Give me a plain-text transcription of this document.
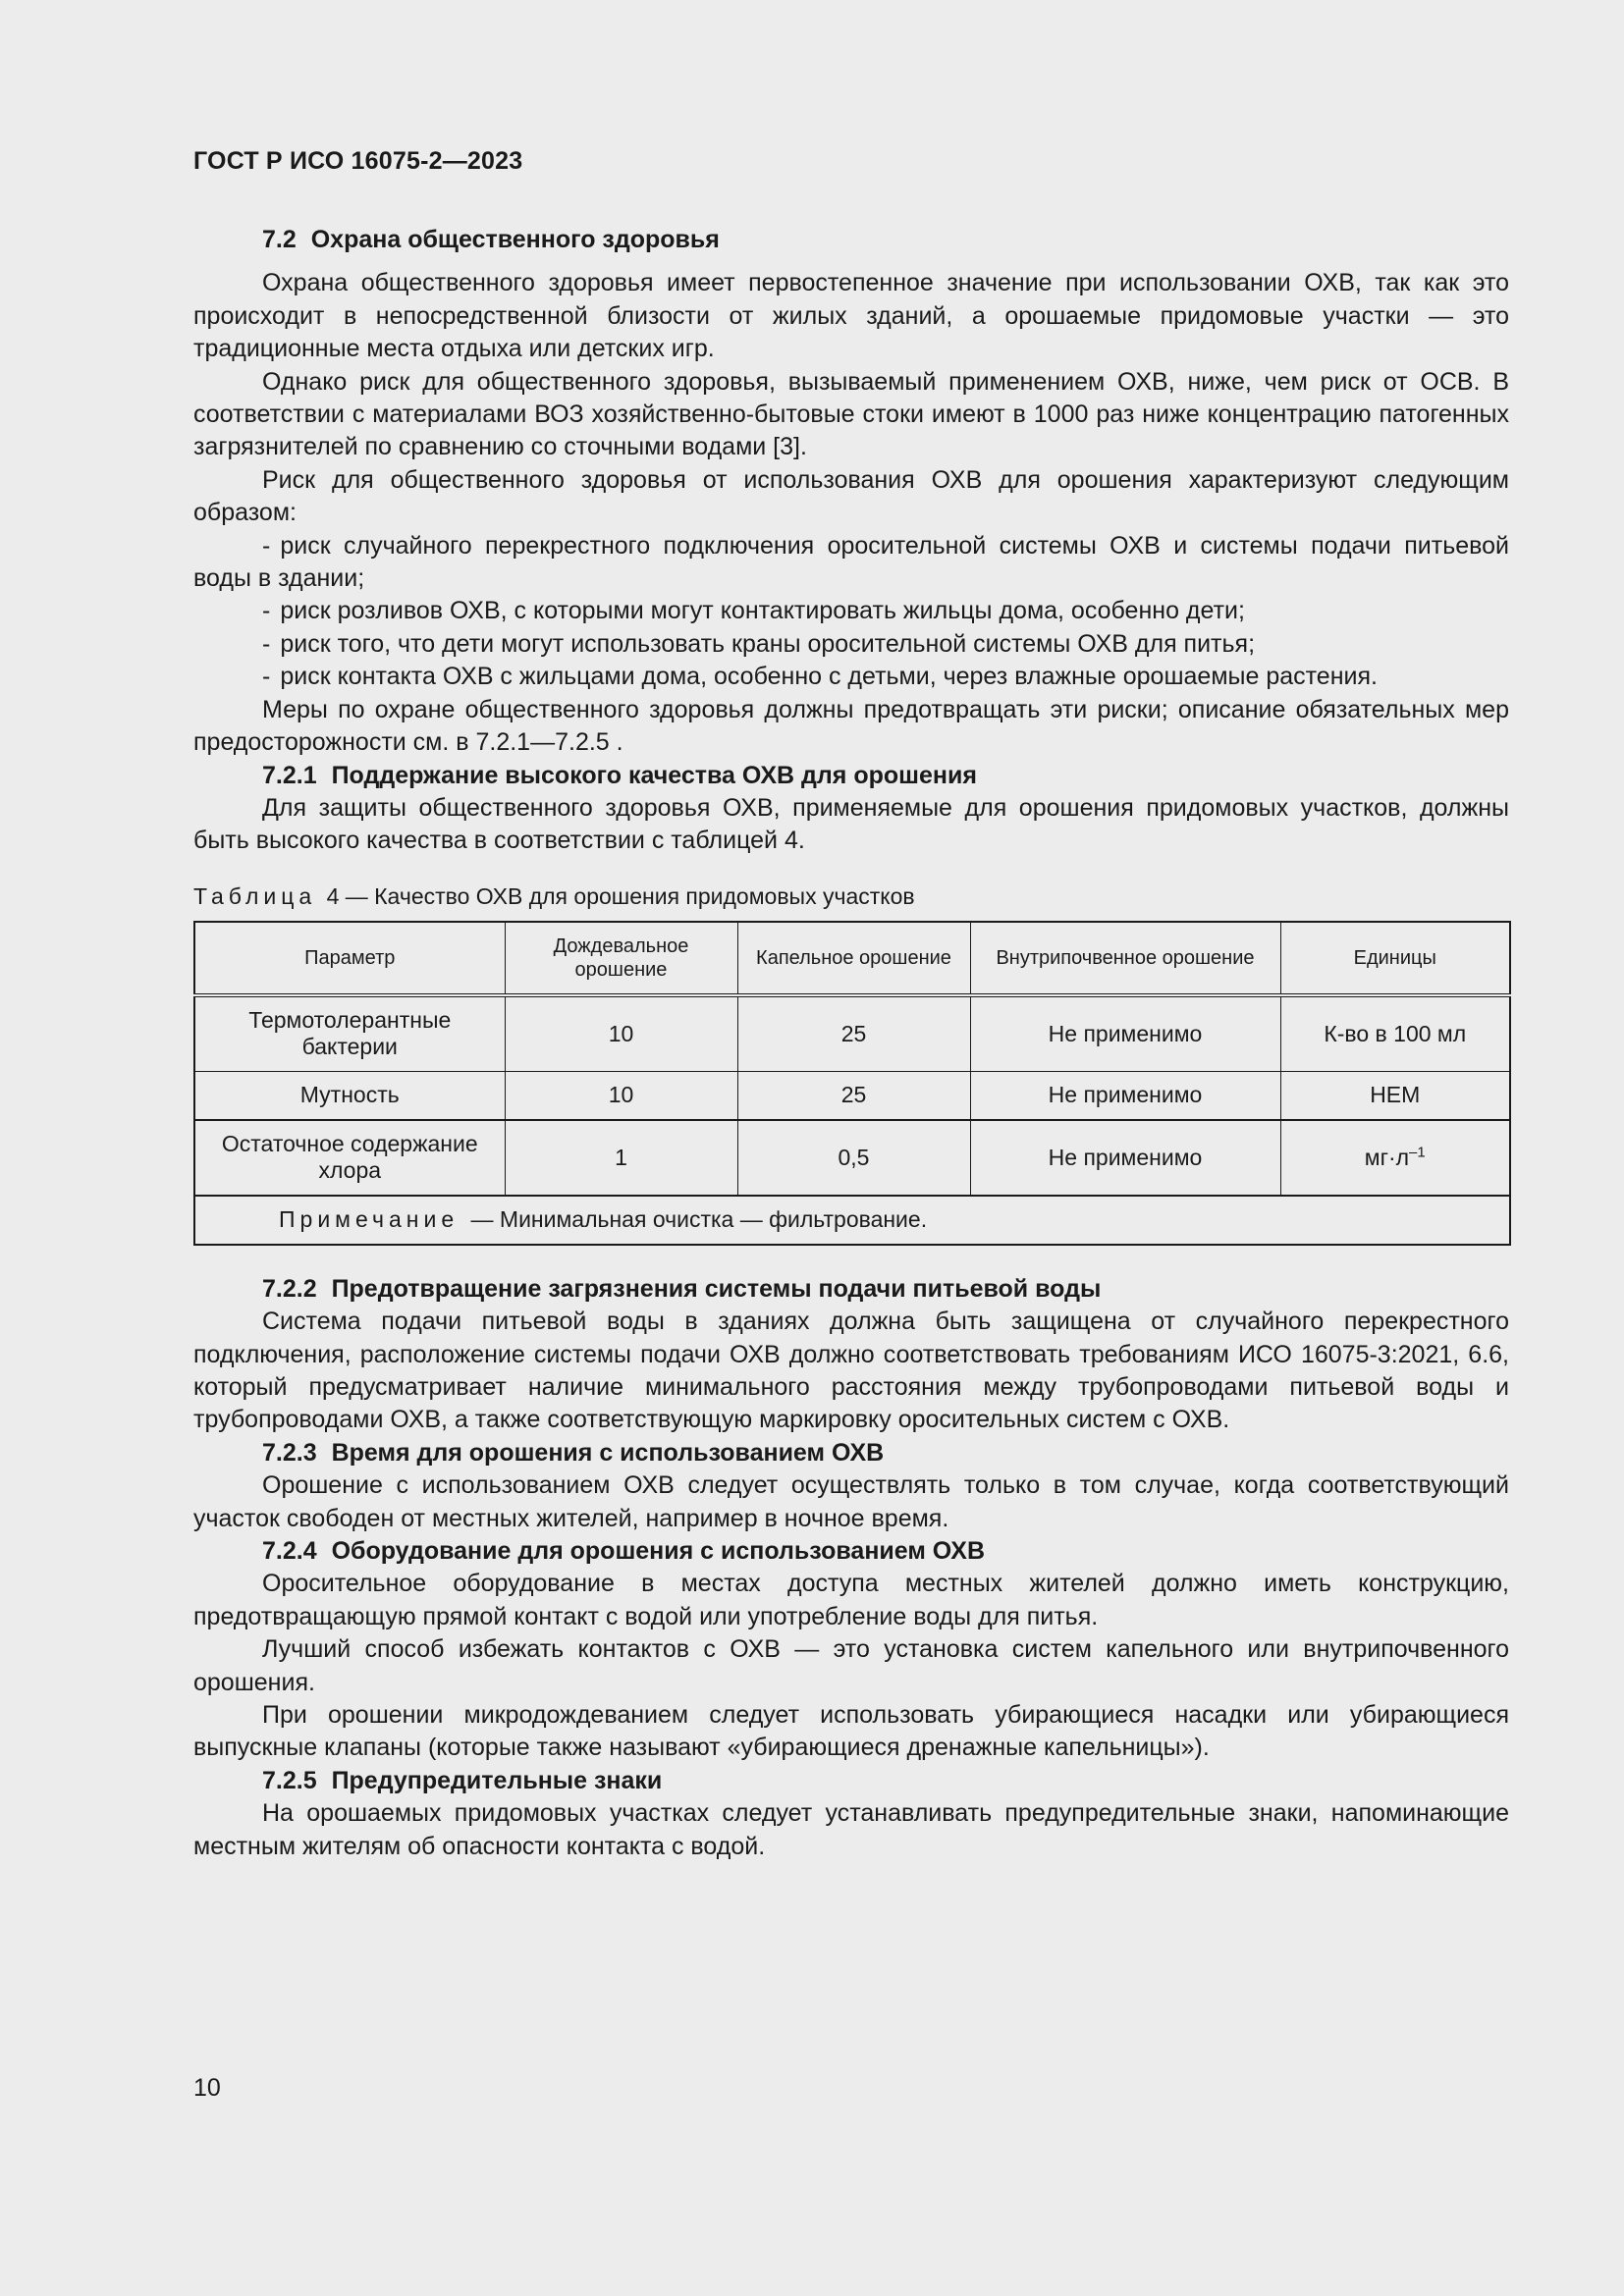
ГОСТ Р ИСО 16075-2—2023
7.2 Охрана общественного здоровья

Охрана общественного здоровья имеет первостепенное значение при использовании ОХВ, так как это происходит в непосредственной близости от жилых зданий, а орошаемые придомовые участки — это традиционные места отдыха или детских игр.

Однако риск для общественного здоровья, вызываемый применением ОХВ, ниже, чем риск от ОСВ. В соответствии с материалами ВОЗ хозяйственно-бытовые стоки имеют в 1000 раз ниже концентрацию патогенных загрязнителей по сравнению со сточными водами [3].

Риск для общественного здоровья от использования ОХВ для орошения характеризуют следующим образом:

- риск случайного перекрестного подключения оросительной системы ОХВ и системы подачи питьевой воды в здании;
- риск розливов ОХВ, с которыми могут контактировать жильцы дома, особенно дети;
- риск того, что дети могут использовать краны оросительной системы ОХВ для питья;
- риск контакта ОХВ с жильцами дома, особенно с детьми, через влажные орошаемые растения.

Меры по охране общественного здоровья должны предотвращать эти риски; описание обязательных мер предосторожности см. в 7.2.1—7.2.5 .

7.2.1 Поддержание высокого качества ОХВ для орошения

Для защиты общественного здоровья ОХВ, применяемые для орошения придомовых участков, должны быть высокого качества в соответствии с таблицей 4.

Таблица 4 — Качество ОХВ для орошения придомовых участков
Параметр	Дождевальное орошение	Капельное орошение	Внутрипочвенное орошение	Единицы
Термотолерантные бактерии	10	25	Не применимо	К-во в 100 мл
Мутность	10	25	Не применимо	НЕМ
Остаточное содержание хлора	1	0,5	Не применимо	$мг\cdot л^{-1}$
Примечание — Минимальная очистка — фильтрование.				
7.2.2 Предотвращение загрязнения системы подачи питьевой воды

Система подачи питьевой воды в зданиях должна быть защищена от случайного перекрестного подключения, расположение системы подачи ОХВ должно соответствовать требованиям ИСО 16075-3:2021, 6.6, который предусматривает наличие минимального расстояния между трубопроводами питьевой воды и трубопроводами ОХВ, а также соответствующую маркировку оросительных систем с ОХВ.

7.2.3 Время для орошения с использованием ОХВ

Орошение с использованием ОХВ следует осуществлять только в том случае, когда соответствующий участок свободен от местных жителей, например в ночное время.

7.2.4 Оборудование для орошения с использованием ОХВ

Оросительное оборудование в местах доступа местных жителей должно иметь конструкцию, предотвращающую прямой контакт с водой или употребление воды для питья.

Лучший способ избежать контактов с ОХВ — это установка систем капельного или внутрипочвенного орошения.

При орошении микродождеванием следует использовать убирающиеся насадки или убирающиеся выпускные клапаны (которые также называют «убирающиеся дренажные капельницы»).

7.2.5 Предупредительные знаки

На орошаемых придомовых участках следует устанавливать предупредительные знаки, напоминающие местным жителям об опасности контакта с водой.

10
